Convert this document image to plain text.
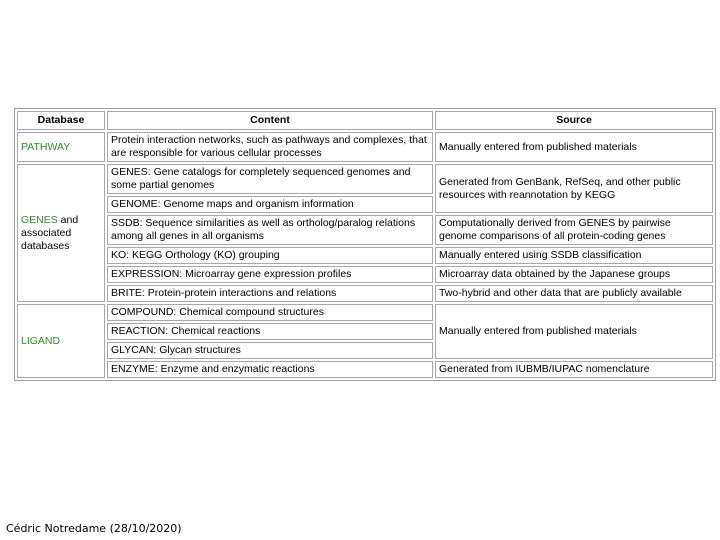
Database	Content	Source
PATHWAY	Protein interaction networks, such as pathways and complexes, that are responsible for various cellular processes	Manually entered from published materials
GENES and associated databases	GENES: Gene catalogs for completely sequenced genomes and some partial genomes	Generated from GenBank, RefSeq, and other public resources with reannotation by KEGG
	GENOME: Genome maps and organism information	
	SSDB: Sequence similarities as well as ortholog/paralog relations among all genes in all organisms	Computationally derived from GENES by pairwise genome comparisons of all protein-coding genes
	KO: KEGG Orthology (KO) grouping	Manually entered using SSDB classification
	EXPRESSION: Microarray gene expression profiles	Microarray data obtained by the Japanese groups
	BRITE: Protein-protein interactions and relations	Two-hybrid and other data that are publicly available
LIGAND	COMPOUND: Chemical compound structures	Manually entered from published materials
	REACTION: Chemical reactions	
	GLYCAN: Glycan structures	
	ENZYME: Enzyme and enzymatic reactions	Generated from IUBMB/IUPAC nomenclature
Cédric Notredame (28/10/2020)
